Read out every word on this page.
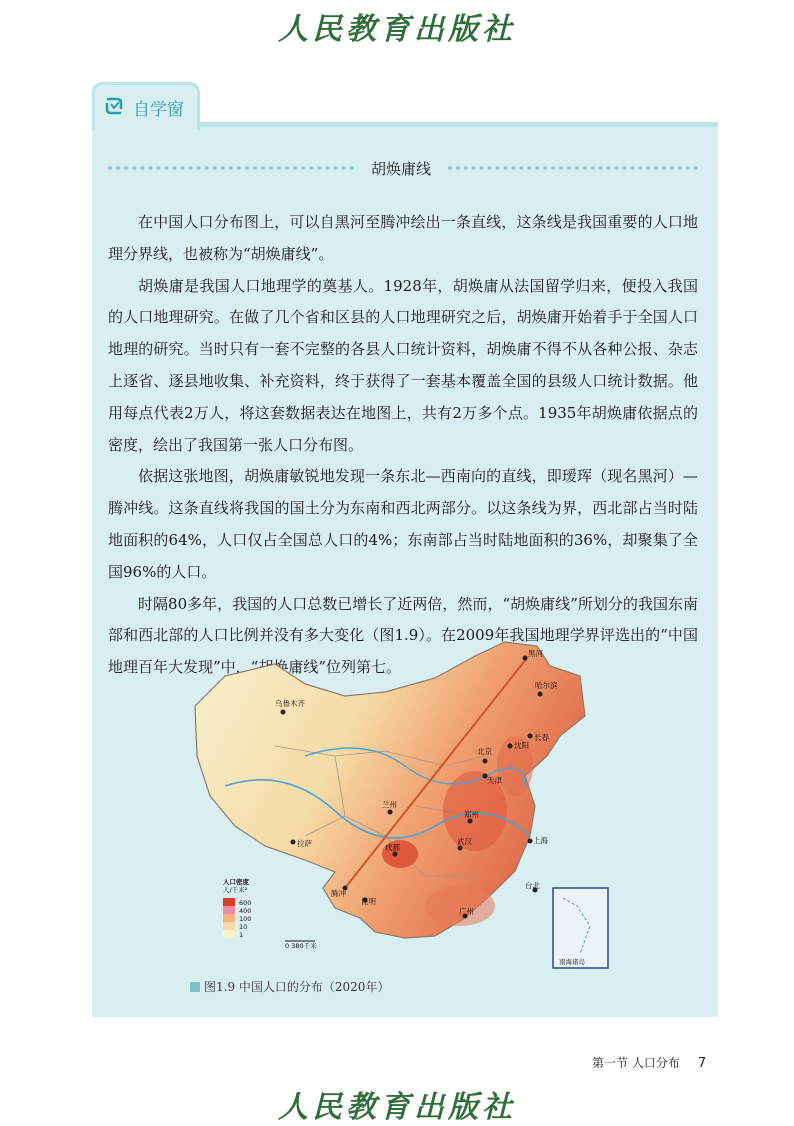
人民教育出版社
自学窗
胡焕庸线

在中国人口分布图上，可以自黑河至腾冲绘出一条直线，这条线是我国重要的人口地理分界线，也被称为“胡焕庸线”。

胡焕庸是我国人口地理学的奠基人。1928年，胡焕庸从法国留学归来，便投入我国的人口地理研究。在做了几个省和区县的人口地理研究之后，胡焕庸开始着手于全国人口地理的研究。当时只有一套不完整的各县人口统计资料，胡焕庸不得不从各种公报、杂志上逐省、逐县地收集、补充资料，终于获得了一套基本覆盖全国的县级人口统计数据。他用每点代表2万人，将这套数据表达在地图上，共有2万多个点。1935年胡焕庸依据点的密度，绘出了我国第一张人口分布图。

依据这张地图，胡焕庸敏锐地发现一条东北—西南向的直线，即瑷珲（现名黑河）—腾冲线。这条直线将我国的国土分为东南和西北两部分。以这条线为界，西北部占当时陆地面积的64%，人口仅占全国总人口的4%；东南部占当时陆地面积的36%，却聚集了全国96%的人口。

时隔80多年，我国的人口总数已增长了近两倍，然而，“胡焕庸线”所划分的我国东南部和西北部的人口比例并没有多大变化（图1.9）。在2009年我国地理学界评选出的“中国地理百年大发现”中，“胡焕庸线”位列第七。

黑河
哈尔滨
长春
乌鲁木齐
北京
沈阳
天津
兰州
郑州
拉萨	成都
武汉	上海
腾冲
昆明
台北
广州
人口密度
人/千米²
600
400
100
10
1
0 380千米
南海诸岛
图1.9 中国人口的分布（2020年）
第一节 人口分布 7
人民教育出版社
